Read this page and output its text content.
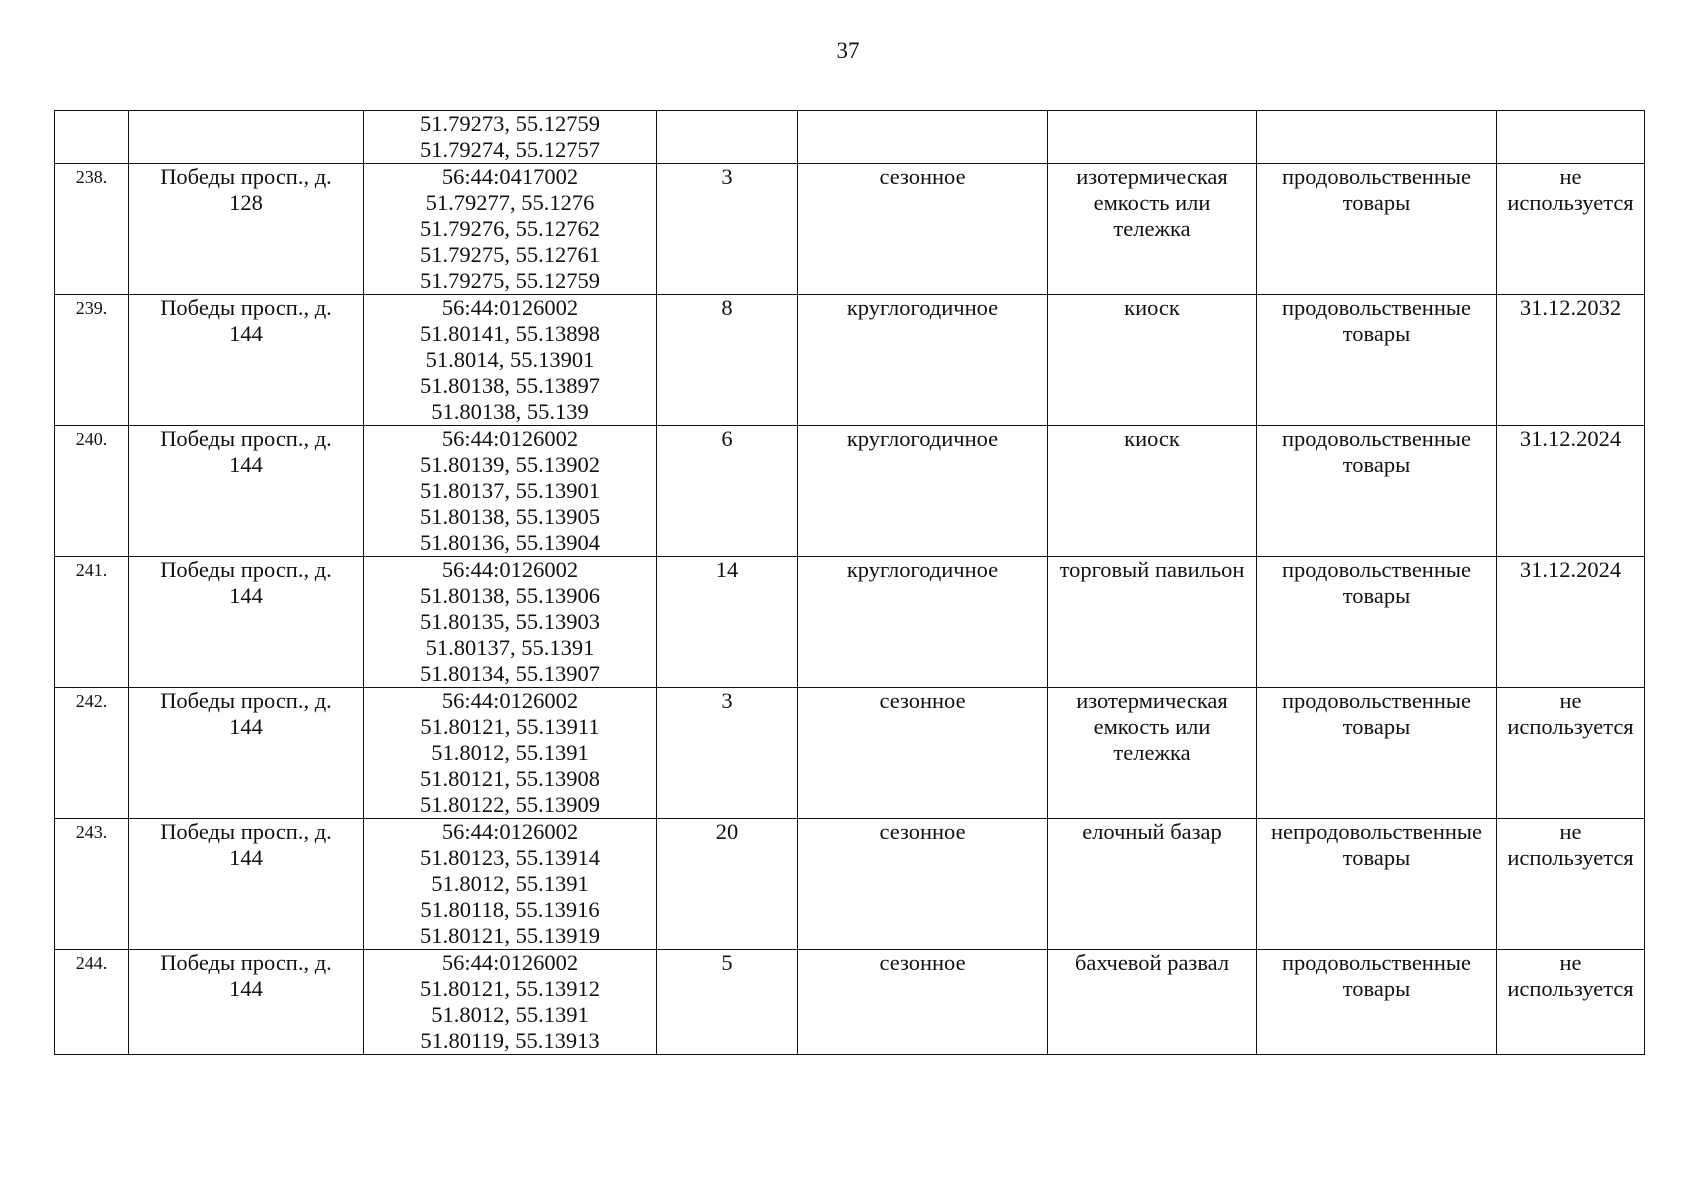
37

		51.79273, 55.12759
51.79274, 55.12757					

238.	Победы просп., д.
128	56:44:0417002
51.79277, 55.1276
51.79276, 55.12762
51.79275, 55.12761
51.79275, 55.12759	3	сезонное	изотермическая
емкость или
тележка	продовольственные
товары	не
используется

239.	Победы просп., д.
144	56:44:0126002
51.80141, 55.13898
51.8014, 55.13901
51.80138, 55.13897
51.80138, 55.139	8	круглогодичное	киоск	продовольственные
товары	31.12.2032

240.	Победы просп., д.
144	56:44:0126002
51.80139, 55.13902
51.80137, 55.13901
51.80138, 55.13905
51.80136, 55.13904	6	круглогодичное	киоск	продовольственные
товары	31.12.2024

241.	Победы просп., д.
144	56:44:0126002
51.80138, 55.13906
51.80135, 55.13903
51.80137, 55.1391
51.80134, 55.13907	14	круглогодичное	торговый павильон	продовольственные
товары	31.12.2024

242.	Победы просп., д.
144	56:44:0126002
51.80121, 55.13911
51.8012, 55.1391
51.80121, 55.13908
51.80122, 55.13909	3	сезонное	изотермическая
емкость или
тележка	продовольственные
товары	не
используется

243.	Победы просп., д.
144	56:44:0126002
51.80123, 55.13914
51.8012, 55.1391
51.80118, 55.13916
51.80121, 55.13919	20	сезонное	елочный базар	непродовольственные
товары	не
используется

244.	Победы просп., д.
144	56:44:0126002
51.80121, 55.13912
51.8012, 55.1391
51.80119, 55.13913	5	сезонное	бахчевой развал	продовольственные
товары	не
используется
